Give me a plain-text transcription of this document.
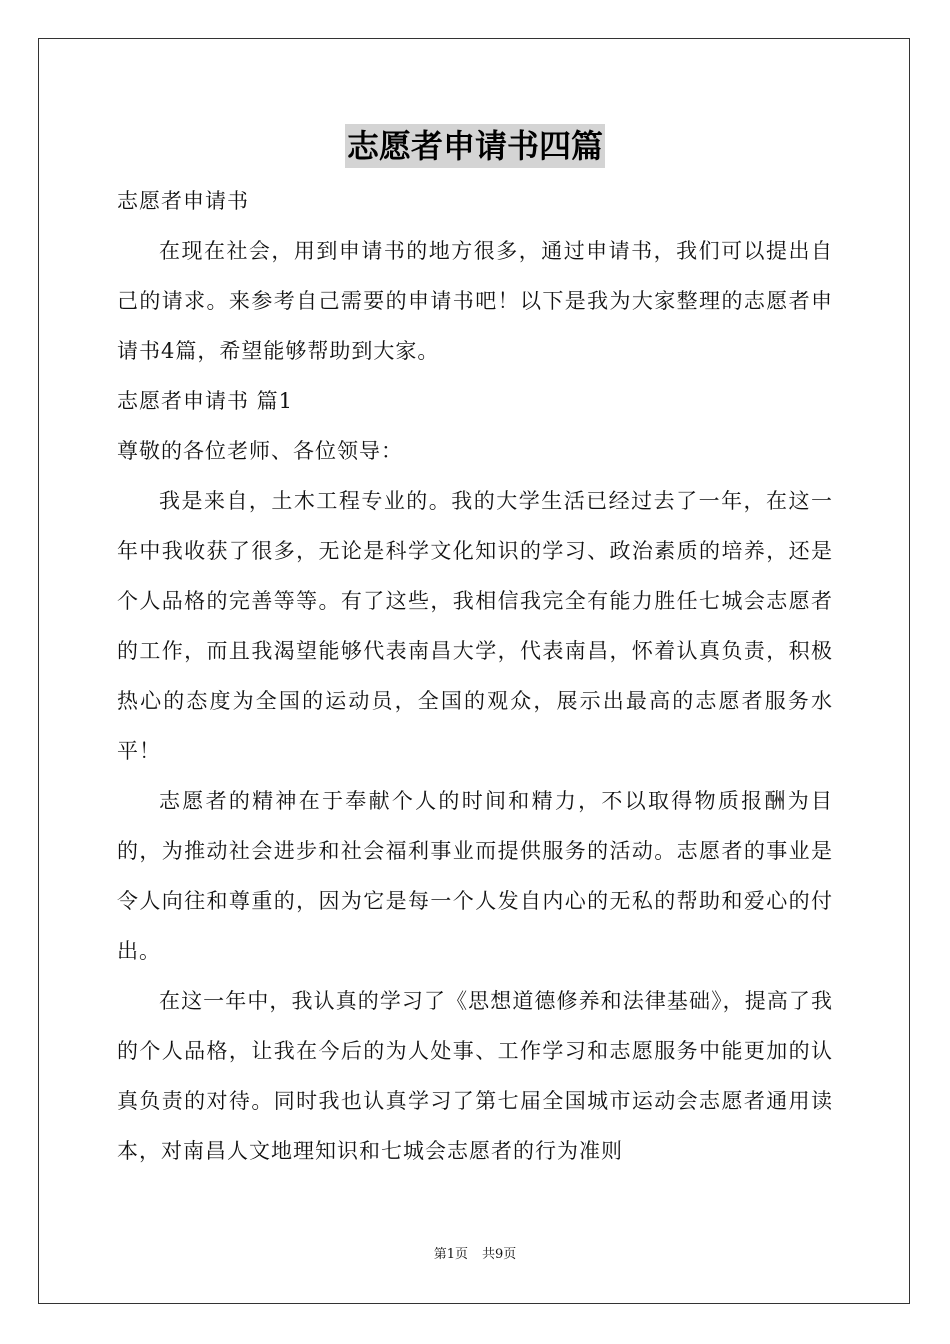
志愿者申请书四篇

志愿者申请书

在现在社会，用到申请书的地方很多，通过申请书，我们可以提出自己的请求。来参考自己需要的申请书吧！以下是我为大家整理的志愿者申请书4篇，希望能够帮助到大家。

志愿者申请书 篇1

尊敬的各位老师、各位领导：

我是来自，土木工程专业的。我的大学生活已经过去了一年，在这一年中我收获了很多，无论是科学文化知识的学习、政治素质的培养，还是个人品格的完善等等。有了这些，我相信我完全有能力胜任七城会志愿者的工作，而且我渴望能够代表南昌大学，代表南昌，怀着认真负责，积极热心的态度为全国的运动员，全国的观众，展示出最高的志愿者服务水平！

志愿者的精神在于奉献个人的时间和精力，不以取得物质报酬为目的，为推动社会进步和社会福利事业而提供服务的活动。志愿者的事业是令人向往和尊重的，因为它是每一个人发自内心的无私的帮助和爱心的付出。

在这一年中，我认真的学习了《思想道德修养和法律基础》，提高了我的个人品格，让我在今后的为人处事、工作学习和志愿服务中能更加的认真负责的对待。同时我也认真学习了第七届全国城市运动会志愿者通用读本，对南昌人文地理知识和七城会志愿者的行为准则

第1页 共9页
